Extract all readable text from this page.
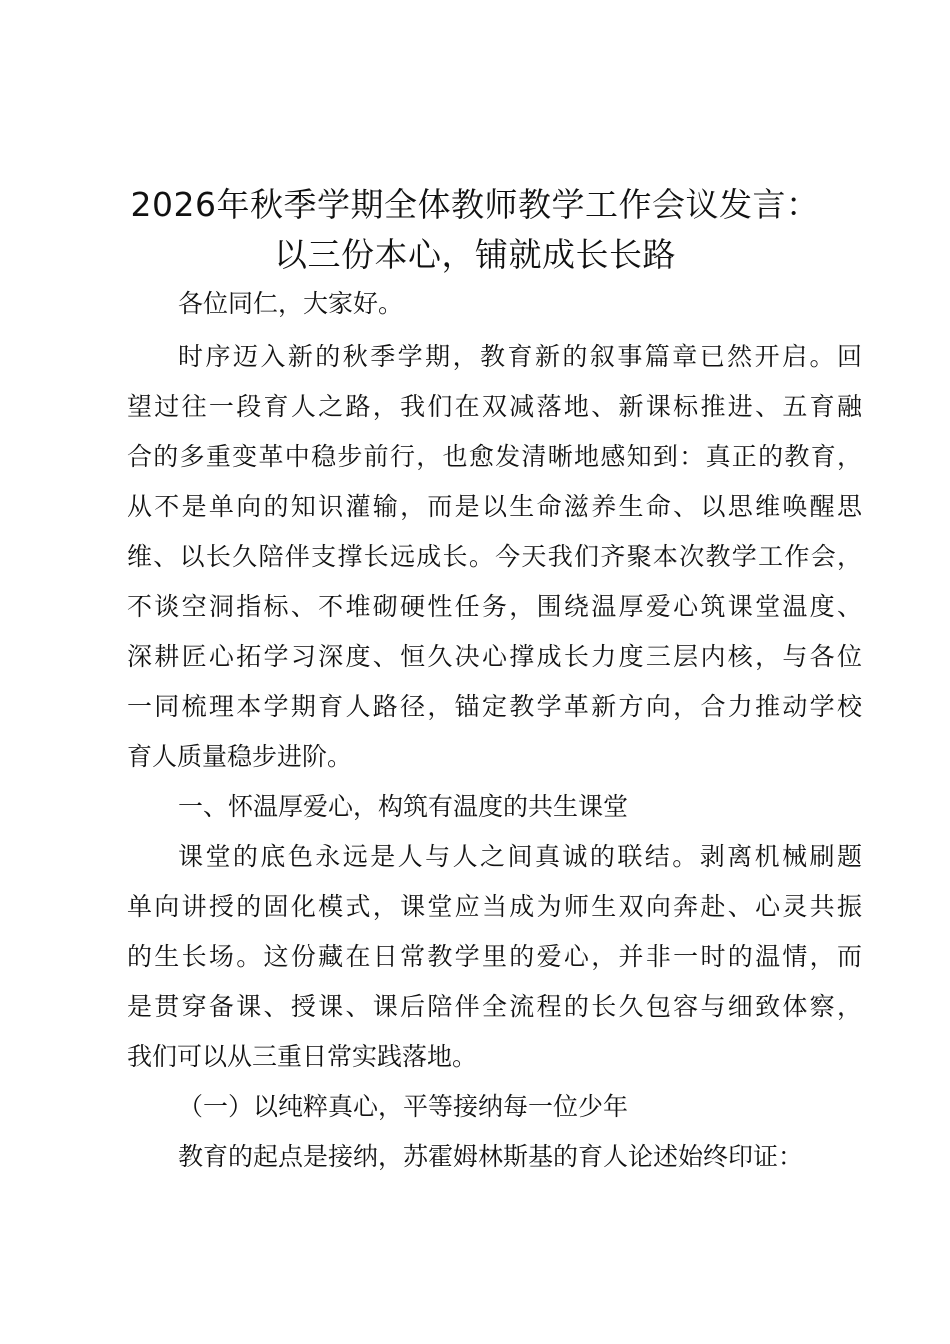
2026年秋季学期全体教师教学工作会议发言：
以三份本心，铺就成长长路
各位同仁，大家好。
时序迈入新的秋季学期，教育新的叙事篇章已然开启。回
望过往一段育人之路，我们在双减落地、新课标推进、五育融
合的多重变革中稳步前行，也愈发清晰地感知到：真正的教育，
从不是单向的知识灌输，而是以生命滋养生命、以思维唤醒思
维、以长久陪伴支撑长远成长。今天我们齐聚本次教学工作会，
不谈空洞指标、不堆砌硬性任务，围绕温厚爱心筑课堂温度、
深耕匠心拓学习深度、恒久决心撑成长力度三层内核，与各位
一同梳理本学期育人路径，锚定教学革新方向，合力推动学校
育人质量稳步进阶。
一、怀温厚爱心，构筑有温度的共生课堂
课堂的底色永远是人与人之间真诚的联结。剥离机械刷题
单向讲授的固化模式，课堂应当成为师生双向奔赴、心灵共振
的生长场。这份藏在日常教学里的爱心，并非一时的温情，而
是贯穿备课、授课、课后陪伴全流程的长久包容与细致体察，
我们可以从三重日常实践落地。
（一）以纯粹真心，平等接纳每一位少年
教育的起点是接纳，苏霍姆林斯基的育人论述始终印证：
